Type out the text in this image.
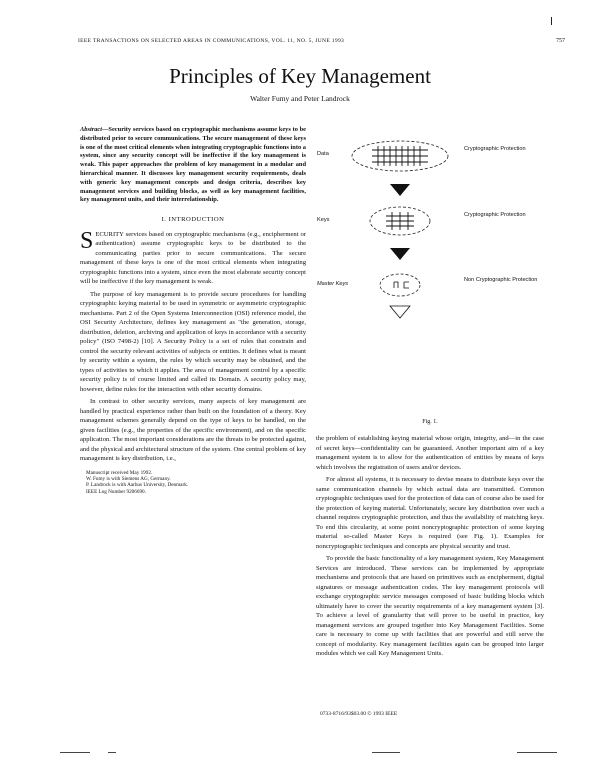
IEEE TRANSACTIONS ON SELECTED AREAS IN COMMUNICATIONS, VOL. 11, NO. 5, JUNE 1993	757
Principles of Key Management
Walter Fumy and Peter Landrock
Abstract—Security services based on cryptographic mechanisms assume keys to be distributed prior to secure communications. The secure management of these keys is one of the most critical elements when integrating cryptographic functions into a system, since any security concept will be ineffective if the key management is weak. This paper approaches the problem of key management in a modular and hierarchical manner. It discusses key management security requirements, deals with generic key management concepts and design criteria, describes key management services and building blocks, as well as key management facilities, key management units, and their interrelationship.
I. INTRODUCTION

SECURITY services based on cryptographic mechanisms (e.g., encipherment or authentication) assume cryptographic keys to be distributed to the communicating parties prior to secure communications. The secure management of these keys is one of the most critical elements when integrating cryptographic functions into a system, since even the most elaborate security concept will be ineffective if the key management is weak.

The purpose of key management is to provide secure procedures for handling cryptographic keying material to be used in symmetric or asymmetric cryptographic mechanisms. Part 2 of the Open Systems Interconnection (OSI) reference model, the OSI Security Architecture, defines key management as "the generation, storage, distribution, deletion, archiving and application of keys in accordance with a security policy" (ISO 7498-2) [10]. A Security Policy is a set of rules that constrain and control the security relevant activities of subjects or entities. It defines what is meant by security within a system, the rules by which security may be obtained, and the types of activities to which it applies. The area of management control by a specific security policy is of course limited and called its Domain. A security policy may, however, define rules for the interaction with other security domains.

In contrast to other security services, many aspects of key management are handled by practical experience rather than built on the foundation of a theory. Key management schemes generally depend on the type of keys to be handled, on the given facilities (e.g., the properties of the specific environment), and on the specific application. The most important considerations are the threats to be protected against, and the physical and architectural structure of the system. One central problem of key management is key distribution, i.e.,

Manuscript received May 1992.
W. Fumy is with Siemens AG, Germany.
P. Landrock is with Aarhus University, Denmark.
IEEE Log Number 9206690.
Data
Keys
Master Keys
Cryptographic Protection
Cryptographic Protection
Non Cryptographic Protection
Fig. 1.

the problem of establishing keying material whose origin, integrity, and—in the case of secret keys—confidentiality can be guaranteed. Another important aim of a key management system is to allow for the authentication of entities by means of keys which involves the registration of users and/or devices.

For almost all systems, it is necessary to devise means to distribute keys over the same communication channels by which actual data are transmitted. Common cryptographic techniques used for the protection of data can of course also be used for the protection of keying material. Unfortunately, secure key distribution over such a channel requires cryptographic protection, and thus the availability of matching keys. To end this circularity, at some point noncryptographic protection of some keying material so-called Master Keys is required (see Fig. 1). Examples for noncryptographic techniques and concepts are physical security and trust.

To provide the basic functionality of a key management system, Key Management Services are introduced. These services can be implemented by appropriate mechanisms and protocols that are based on primitives such as encipherment, digital signatures or message authentication codes. The key management protocols will exchange cryptographic service messages composed of basic building blocks which ultimately have to cover the security requirements of a key management system [3]. To achieve a level of granularity that will prove to be useful in practice, key management services are grouped together into Key Management Facilities. Some care is necessary to come up with facilities that are powerful and still serve the concept of modularity. Key management facilities again can be grouped into larger modules which we call Key Management Units.

0733-8716/93$03.00 © 1993 IEEE
